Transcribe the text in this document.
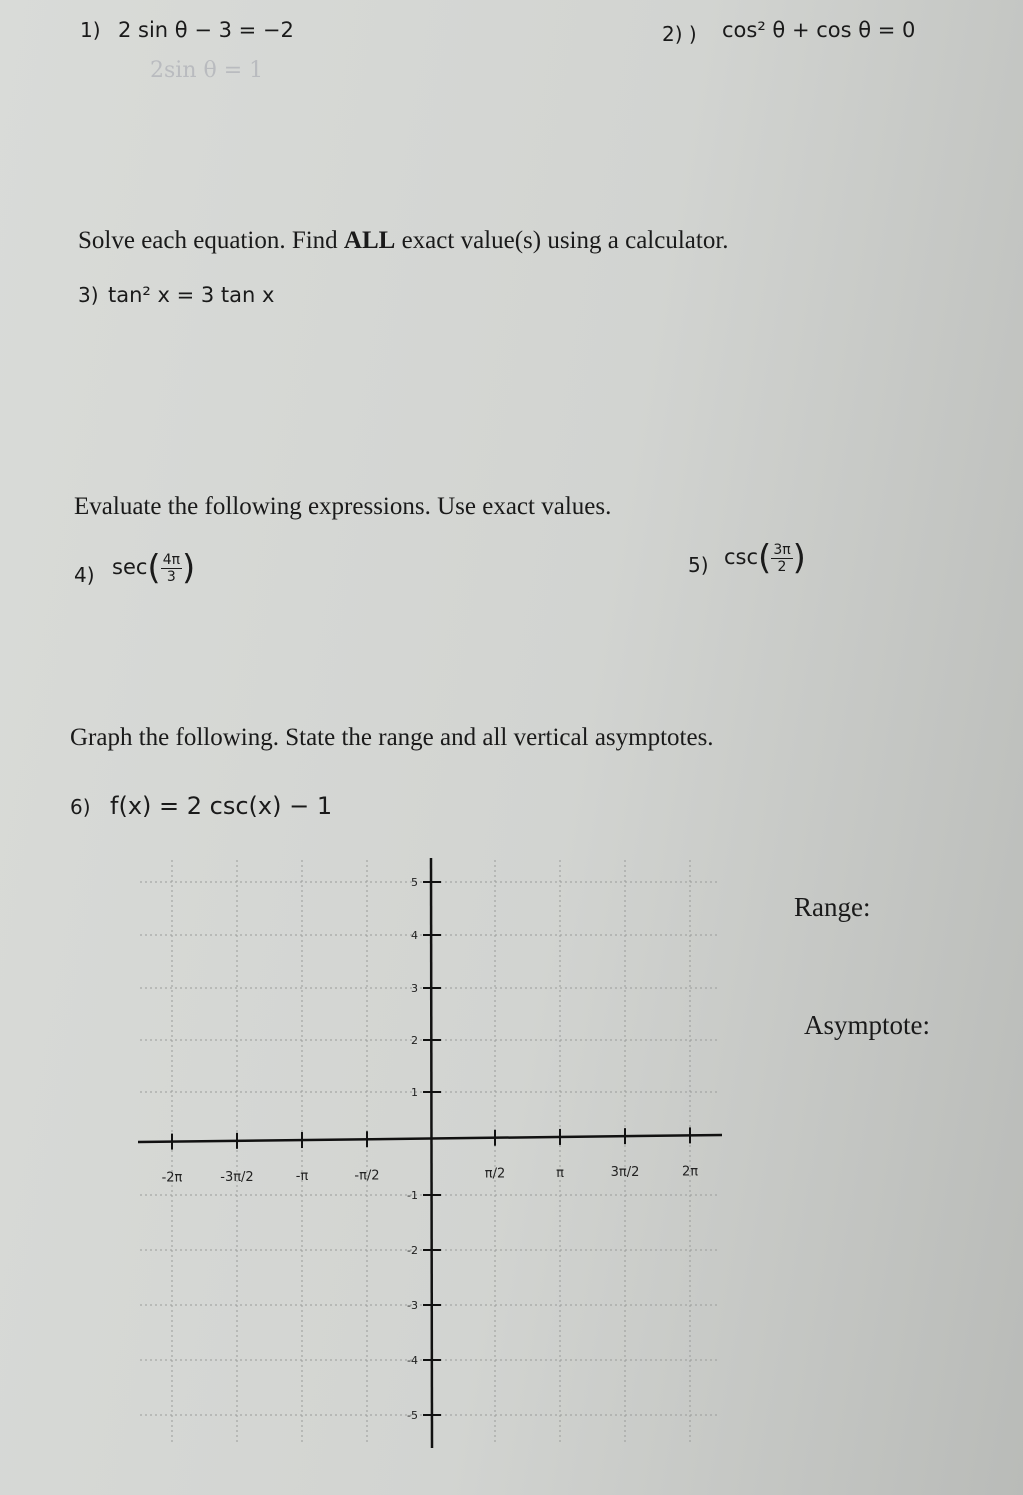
1) 2 sin θ − 3 = −2
2sin θ = 1
2) ) cos² θ + cos θ = 0
Solve each equation. Find ALL exact value(s) using a calculator.
3) tan² x = 3 tan x
Evaluate the following expressions. Use exact values.
4) $\sec( \frac{4\pi}{3}$ )	5) $\csc( \frac{3\pi}{2}$ )
Graph the following. State the range and all vertical asymptotes.
6) f(x) = 2 csc(x) − 1
Range:
Asymptote:
-2π	-3π/2	-π	-π/2	π/2	π	3π/2	2π
5
4
3
2
1
-1
-2
-3
-4
-5
